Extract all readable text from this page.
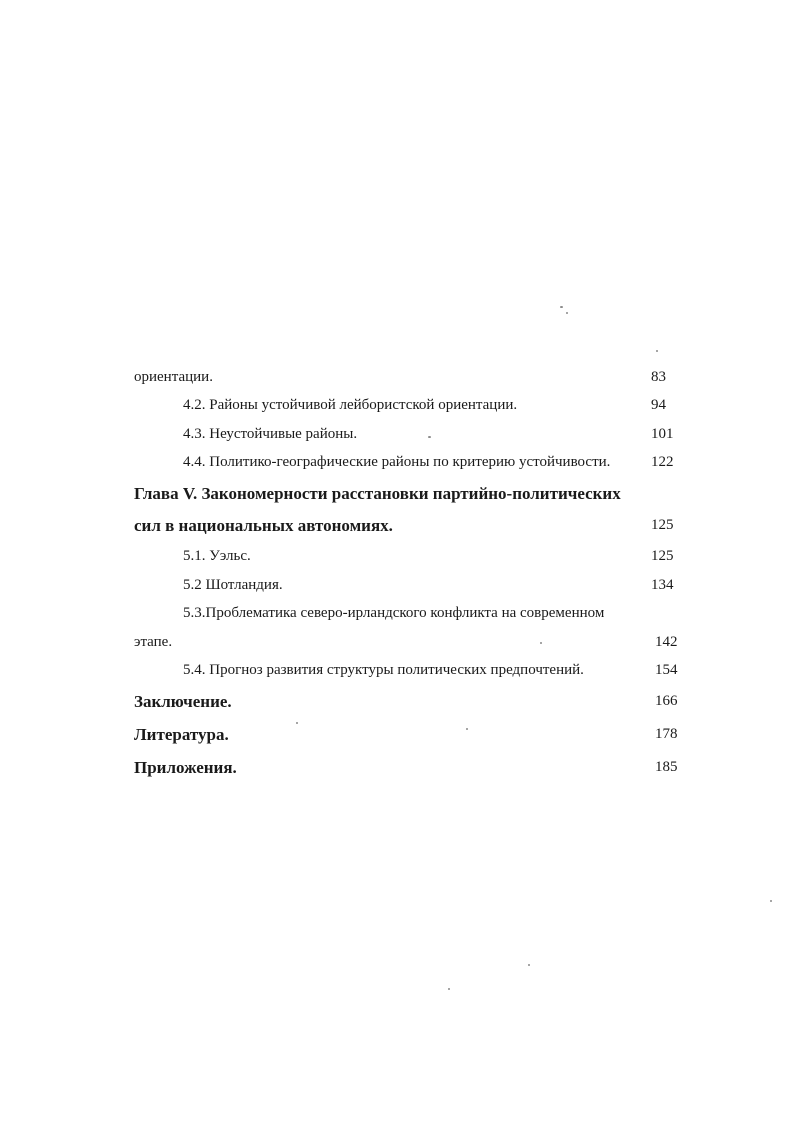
ориентации.	83
4.2. Районы устойчивой лейбористской ориентации.	94
4.3. Неустойчивые районы.	101
4.4. Политико-географические районы по критерию устойчивости.	122
Глава V. Закономерности расстановки партийно-политических
сил в национальных автономиях.	125
5.1. Уэльс.	125
5.2 Шотландия.	134
5.3.Проблематика северо-ирландского конфликта на современном
этапе.	142
5.4. Прогноз развития структуры политических предпочтений.	154
Заключение.	166
Литература.	178
Приложения.	185
